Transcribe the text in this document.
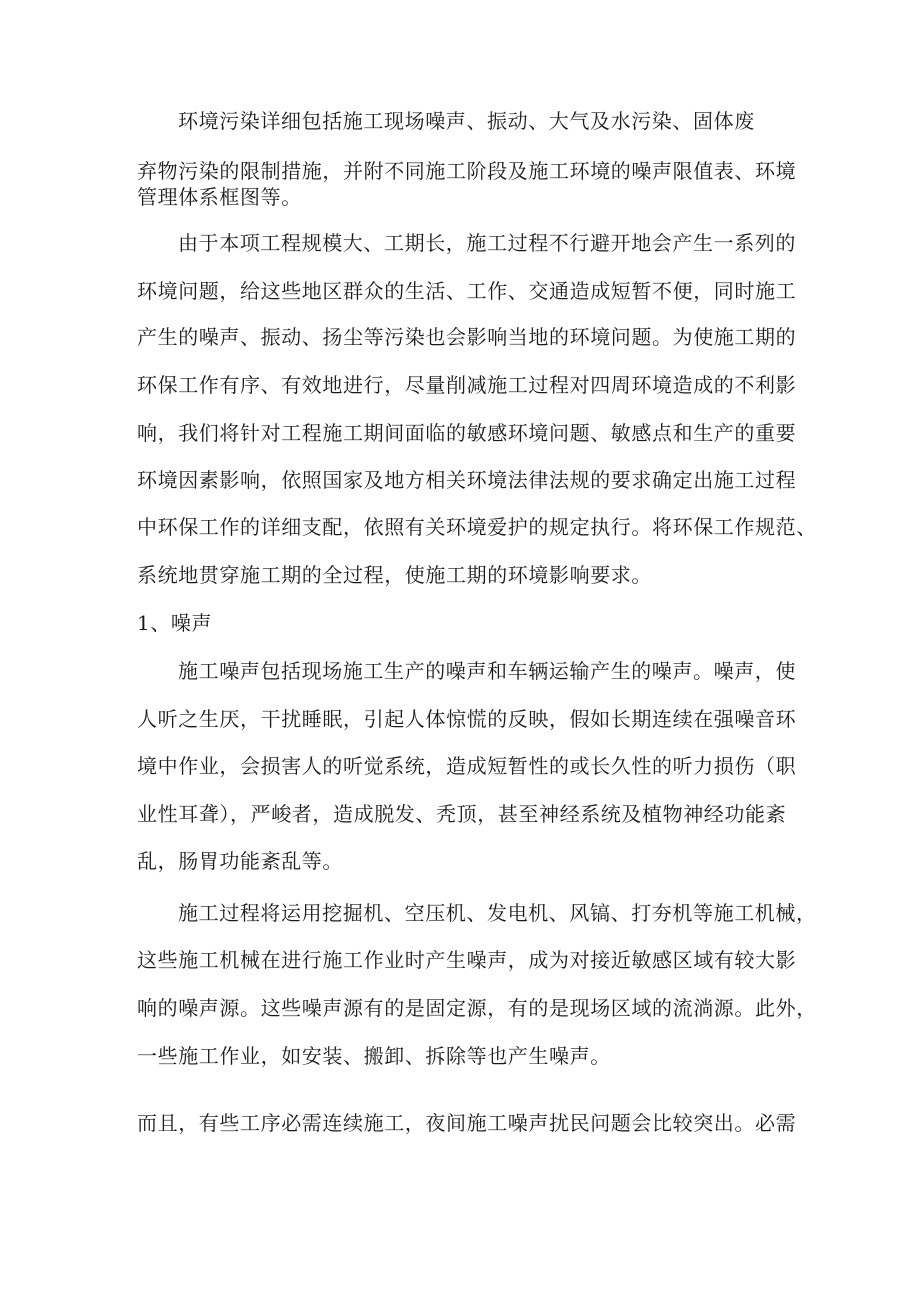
环境污染详细包括施工现场噪声、振动、大气及水污染、固体废

弃物污染的限制措施，并附不同施工阶段及施工环境的噪声限值表、环境

管理体系框图等。

由于本项工程规模大、工期长，施工过程不行避开地会产生一系列的

环境问题，给这些地区群众的生活、工作、交通造成短暂不便，同时施工

产生的噪声、振动、扬尘等污染也会影响当地的环境问题。为使施工期的

环保工作有序、有效地进行，尽量削减施工过程对四周环境造成的不利影

响，我们将针对工程施工期间面临的敏感环境问题、敏感点和生产的重要

环境因素影响，依照国家及地方相关环境法律法规的要求确定出施工过程

中环保工作的详细支配，依照有关环境爱护的规定执行。将环保工作规范、

系统地贯穿施工期的全过程，使施工期的环境影响要求。

1、噪声

施工噪声包括现场施工生产的噪声和车辆运输产生的噪声。噪声，使

人听之生厌，干扰睡眠，引起人体惊慌的反映，假如长期连续在强噪音环

境中作业，会损害人的听觉系统，造成短暂性的或长久性的听力损伤（职

业性耳聋），严峻者，造成脱发、秃顶，甚至神经系统及植物神经功能紊

乱，肠胃功能紊乱等。

施工过程将运用挖掘机、空压机、发电机、风镐、打夯机等施工机械，

这些施工机械在进行施工作业时产生噪声，成为对接近敏感区域有较大影

响的噪声源。这些噪声源有的是固定源，有的是现场区域的流淌源。此外，

一些施工作业，如安装、搬卸、拆除等也产生噪声。

而且，有些工序必需连续施工，夜间施工噪声扰民问题会比较突出。必需
